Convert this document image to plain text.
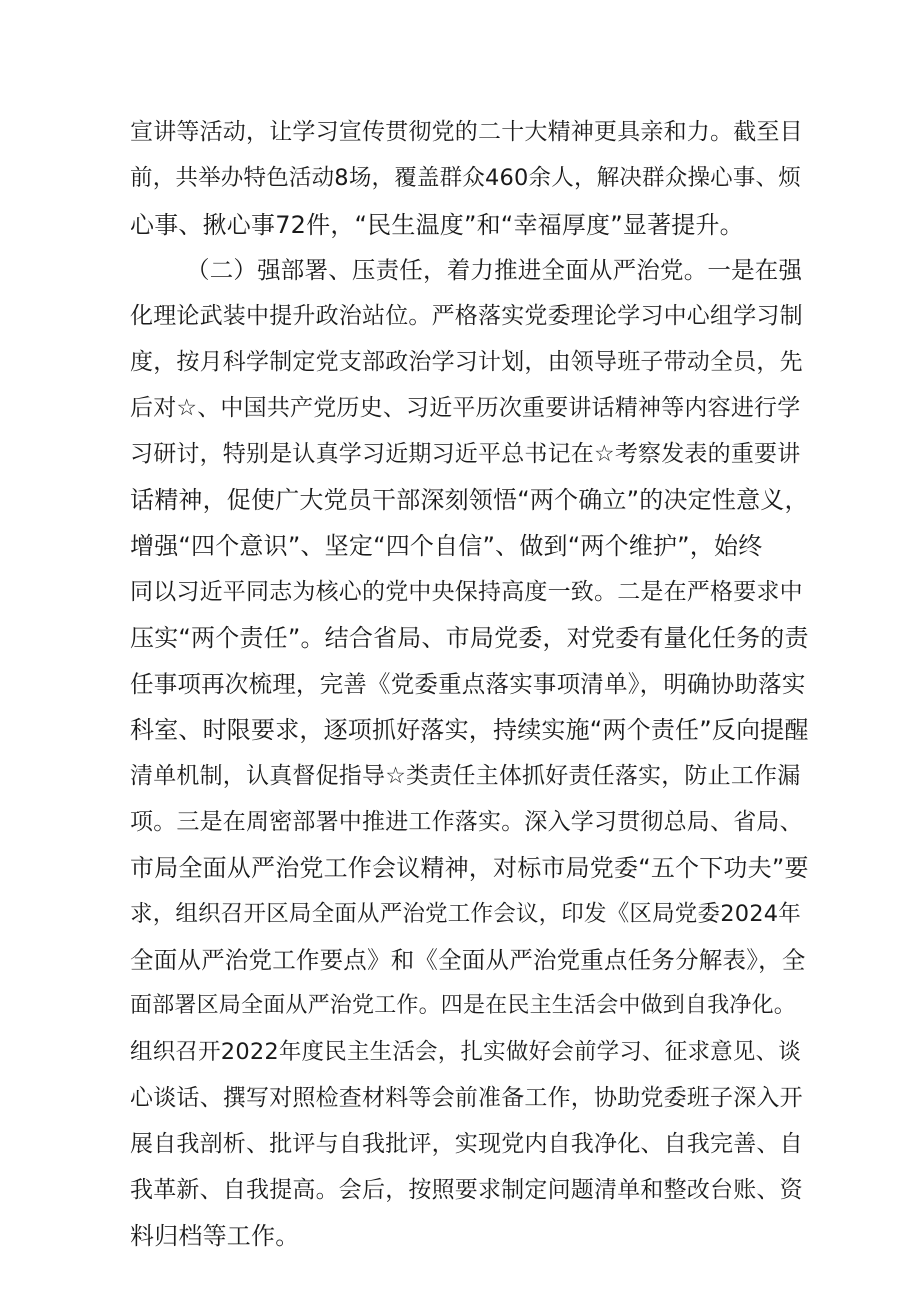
宣讲等活动，让学习宣传贯彻党的二十大精神更具亲和力。截至目
前，共举办特色活动8场，覆盖群众460余人，解决群众操心事、烦
心事、揪心事72件，“民生温度”和“幸福厚度”显著提升。
（二）强部署、压责任，着力推进全面从严治党。一是在强
化理论武装中提升政治站位。严格落实党委理论学习中心组学习制
度，按月科学制定党支部政治学习计划，由领导班子带动全员，先
后对☆、中国共产党历史、习近平历次重要讲话精神等内容进行学
习研讨，特别是认真学习近期习近平总书记在☆考察发表的重要讲
话精神，促使广大党员干部深刻领悟“两个确立”的决定性意义，
增强“四个意识”、坚定“四个自信”、做到“两个维护”，始终
同以习近平同志为核心的党中央保持高度一致。二是在严格要求中
压实“两个责任”。结合省局、市局党委，对党委有量化任务的责
任事项再次梳理，完善《党委重点落实事项清单》，明确协助落实
科室、时限要求，逐项抓好落实，持续实施“两个责任”反向提醒
清单机制，认真督促指导☆类责任主体抓好责任落实，防止工作漏
项。三是在周密部署中推进工作落实。深入学习贯彻总局、省局、
市局全面从严治党工作会议精神，对标市局党委“五个下功夫”要
求，组织召开区局全面从严治党工作会议，印发《区局党委2024年
全面从严治党工作要点》和《全面从严治党重点任务分解表》，全
面部署区局全面从严治党工作。四是在民主生活会中做到自我净化。
组织召开2022年度民主生活会，扎实做好会前学习、征求意见、谈
心谈话、撰写对照检查材料等会前准备工作，协助党委班子深入开
展自我剖析、批评与自我批评，实现党内自我净化、自我完善、自
我革新、自我提高。会后，按照要求制定问题清单和整改台账、资
料归档等工作。
